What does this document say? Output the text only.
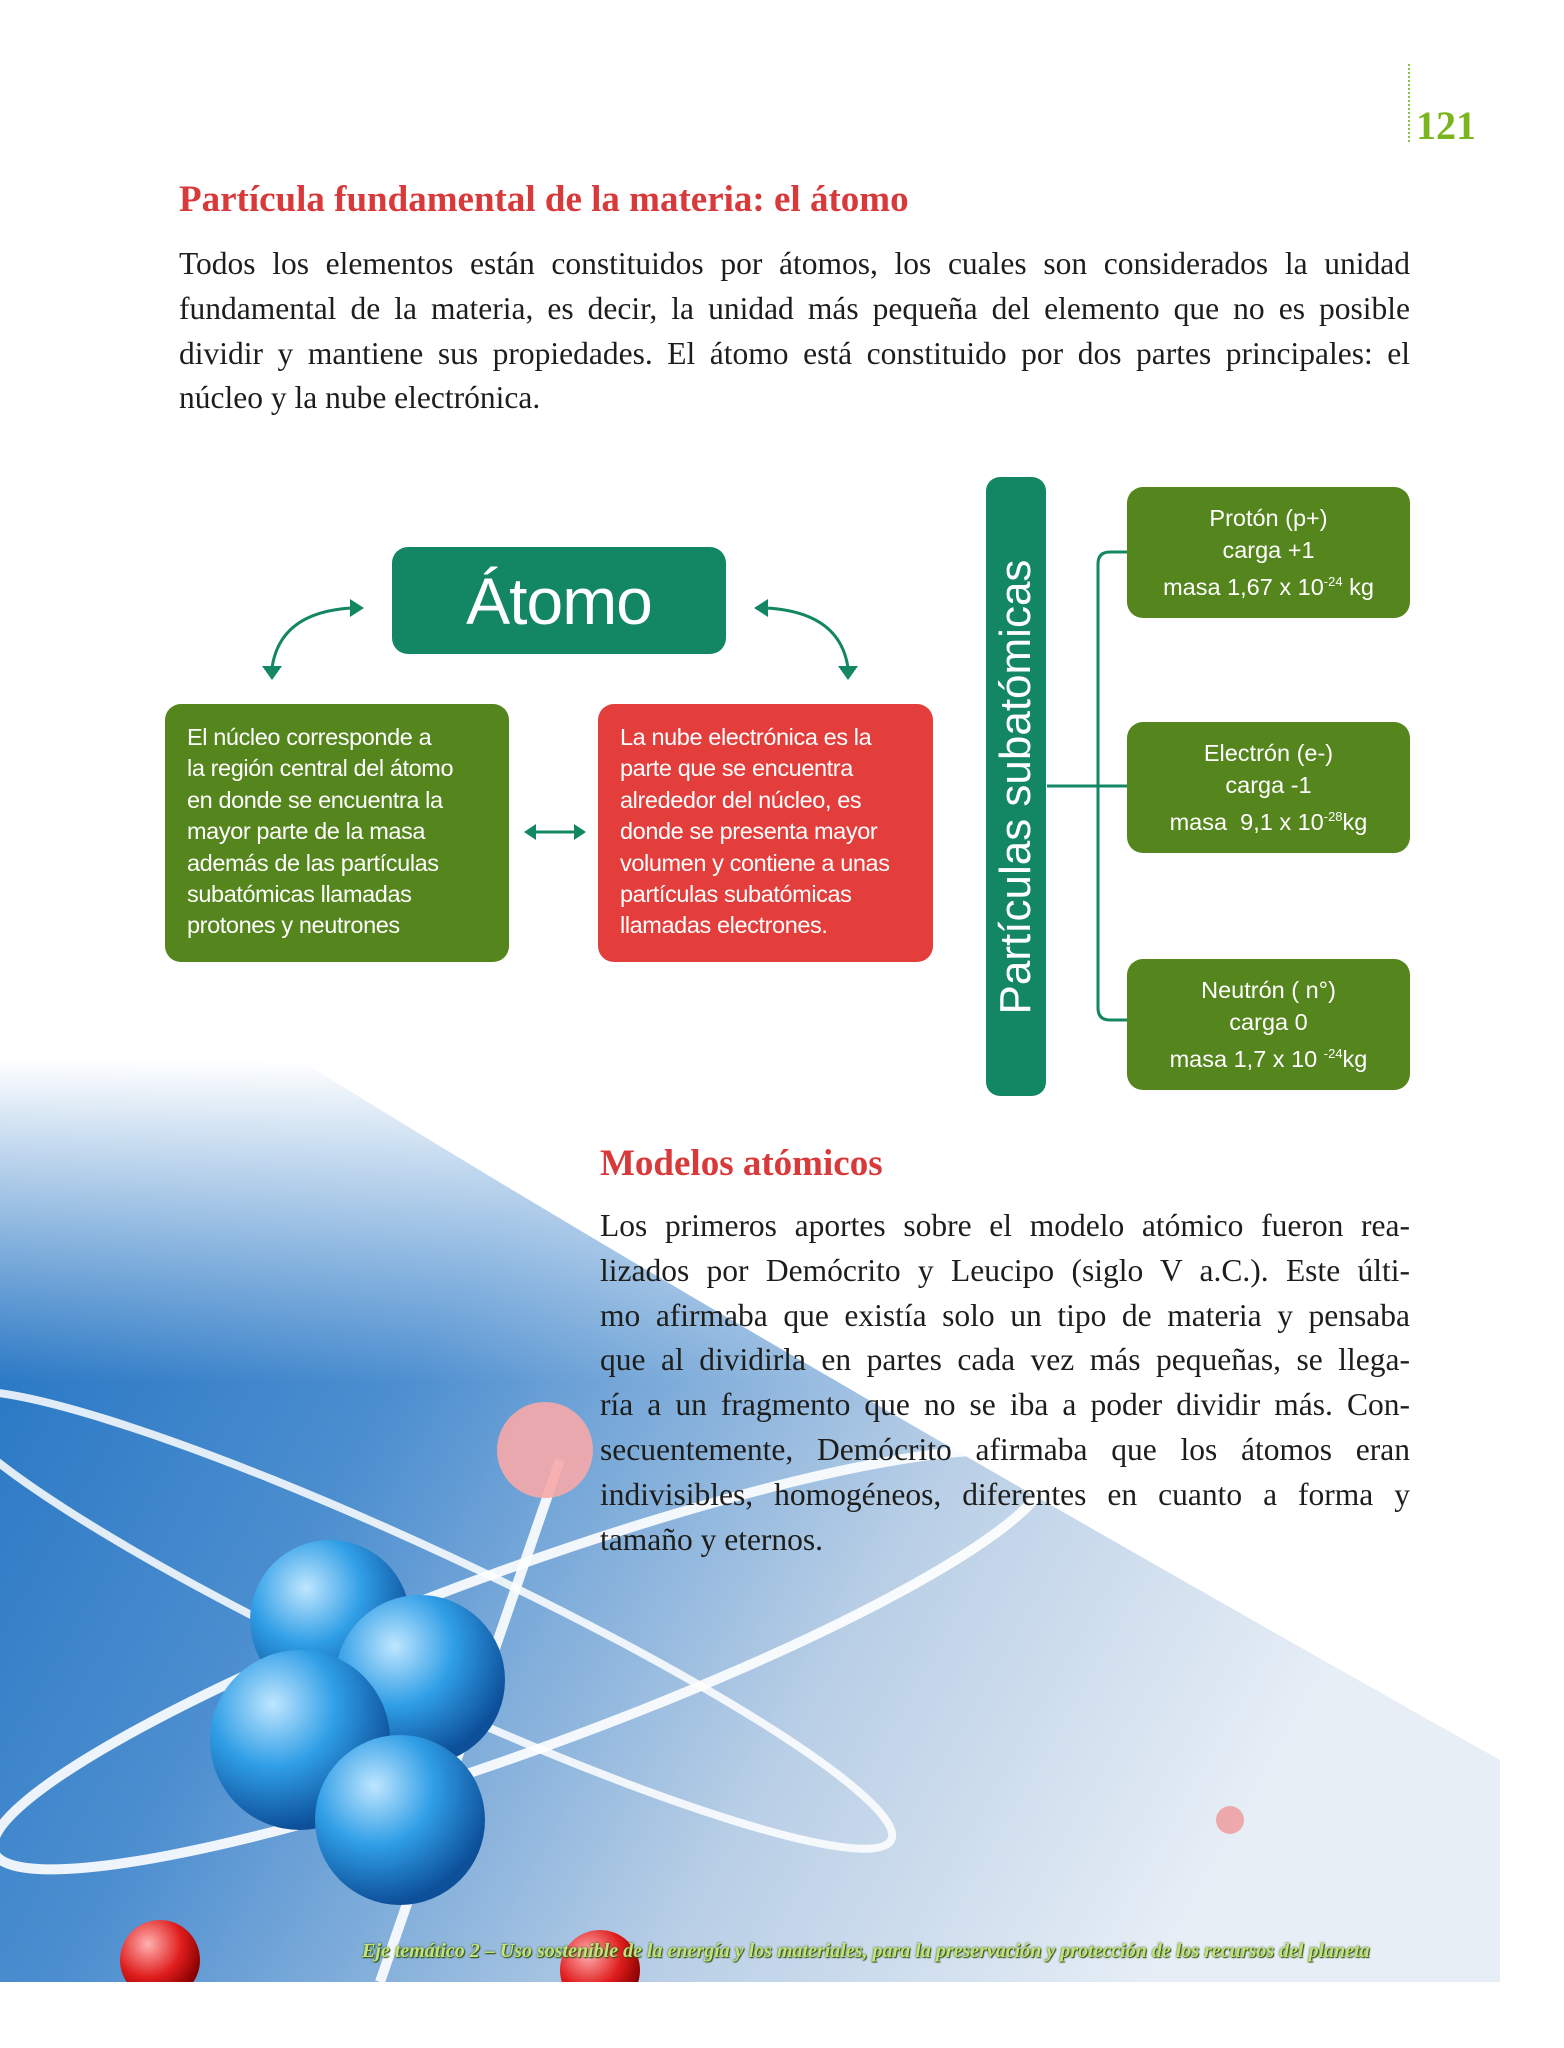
121
Partícula fundamental de la materia: el átomo
Todos los elementos están constituidos por átomos, los cuales son considerados la unidad
fundamental de la materia, es decir, la unidad más pequeña del elemento que no es posible
dividir y mantiene sus propiedades. El átomo está constituido por dos partes principales: el
núcleo y la nube electrónica.
Átomo
El núcleo corresponde a
la región central del átomo
en donde se encuentra la
mayor parte de la masa
además de las partículas
subatómicas llamadas
protones y neutrones
La nube electrónica es la
parte que se encuentra
alrededor del núcleo, es
donde se presenta mayor
volumen y contiene a unas
partículas subatómicas
llamadas electrones.	Partículas subatómicas
Protón (p+)
carga +1
masa 1,67 x $10^{-24}$ kg
Electrón (e-)
carga -1
masa  9,1 x $10^{-28}kg$
Neutrón ( n°)
carga 0
masa 1,7 x 10 $^{-24}$kg
Modelos atómicos
Los primeros aportes sobre el modelo atómico fueron rea-
lizados por Demócrito y Leucipo (siglo V a.C.). Este últi-
mo afirmaba que existía solo un tipo de materia y pensaba
que al dividirla en partes cada vez más pequeñas, se llega-
ría a un fragmento que no se iba a poder dividir más. Con-
secuentemente, Demócrito afirmaba que los átomos eran
indivisibles, homogéneos, diferentes en cuanto a forma y
tamaño y eternos.
Eje temático 2 – Uso sostenible de la energía y los materiales, para la preservación y protección de los recursos del planeta
